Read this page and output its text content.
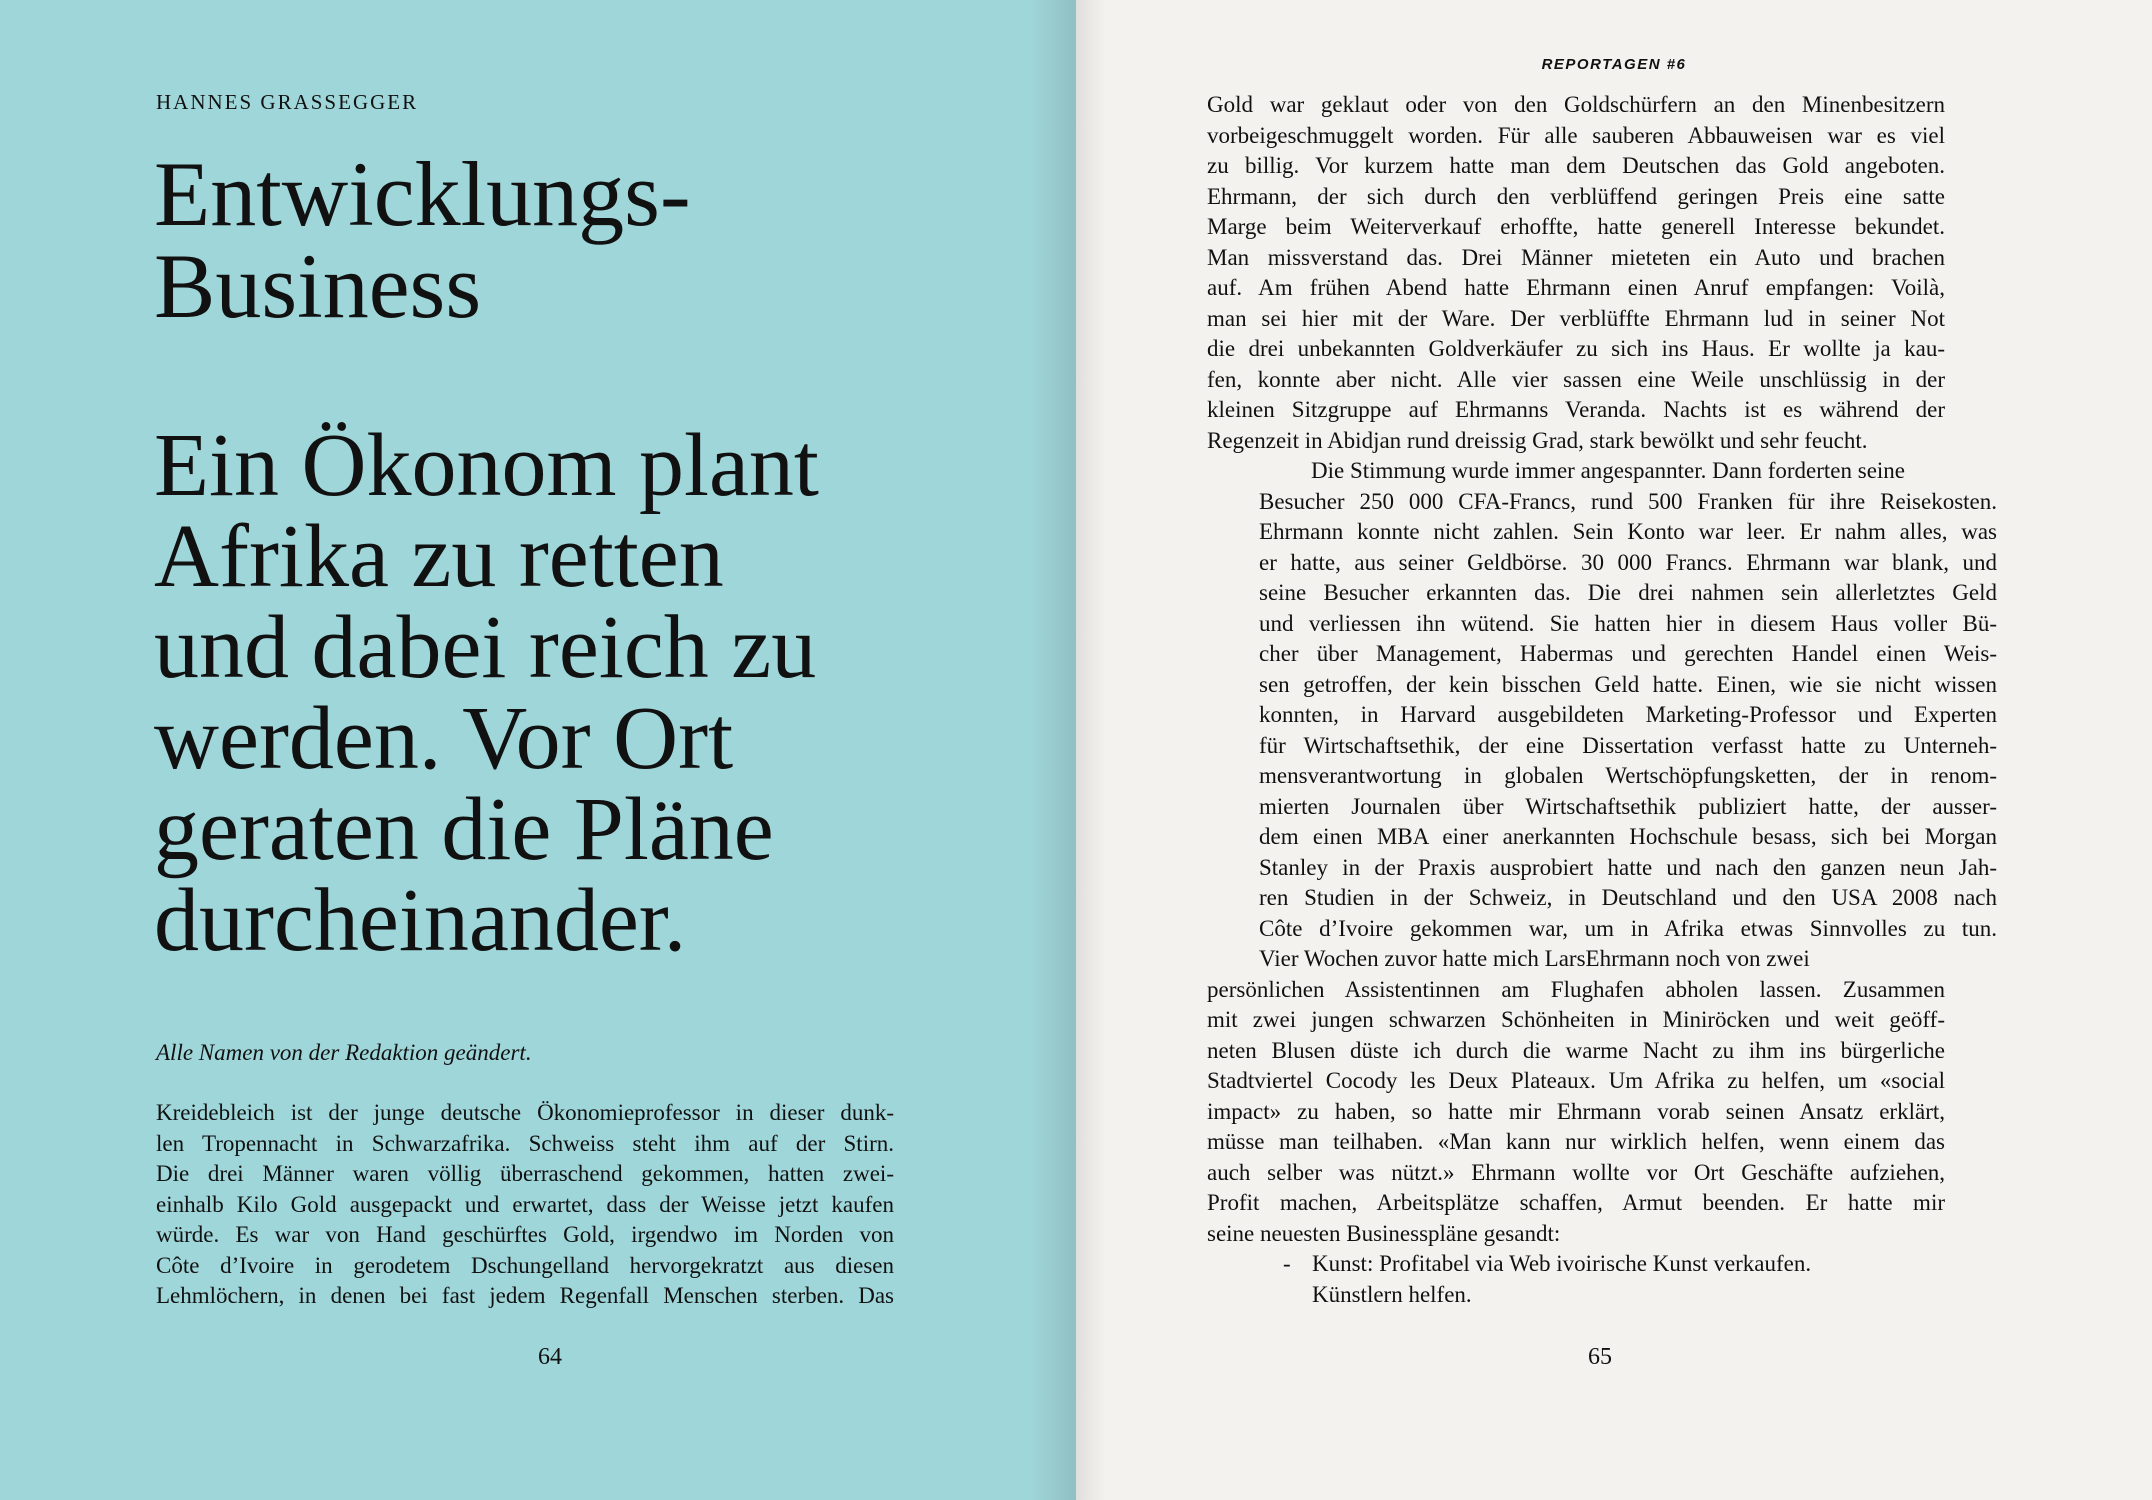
HANNES GRASSEGGER
Entwicklungs-
Business
Ein Ökonom plant
Afrika zu retten
und dabei reich zu
werden. Vor Ort
geraten die Pläne
durcheinander.
Alle Namen von der Redaktion geändert.
Kreidebleich ist der junge deutsche Ökonomieprofessor in dieser dunk-
len Tropennacht in Schwarzafrika. Schweiss steht ihm auf der Stirn.
Die drei Männer waren völlig überraschend gekommen, hatten zwei-
einhalb Kilo Gold ausgepackt und erwartet, dass der Weisse jetzt kaufen
würde. Es war von Hand geschürftes Gold, irgendwo im Norden von
Côte d’Ivoire in gerodetem Dschungelland hervorgekratzt aus diesen
Lehmlöchern, in denen bei fast jedem Regenfall Menschen sterben. Das
64
REPORTAGEN #6
Gold war geklaut oder von den Goldschürfern an den Minenbesitzern
vorbeigeschmuggelt worden. Für alle sauberen Abbauweisen war es viel
zu billig. Vor kurzem hatte man dem Deutschen das Gold angeboten.
Ehrmann, der sich durch den verblüffend geringen Preis eine satte
Marge beim Weiterverkauf erhoffte, hatte generell Interesse bekundet.
Man missverstand das. Drei Männer mieteten ein Auto und brachen
auf. Am frühen Abend hatte Ehrmann einen Anruf empfangen: Voilà,
man sei hier mit der Ware. Der verblüffte Ehrmann lud in seiner Not
die drei unbekannten Goldverkäufer zu sich ins Haus. Er wollte ja kau-
fen, konnte aber nicht. Alle vier sassen eine Weile unschlüssig in der
kleinen Sitzgruppe auf Ehrmanns Veranda. Nachts ist es während der
Regenzeit in Abidjan rund dreissig Grad, stark bewölkt und sehr feucht.
Die Stimmung wurde immer angespannter. Dann forderten seine
Besucher 250 000 CFA-Francs, rund 500 Franken für ihre Reisekosten.
Ehrmann konnte nicht zahlen. Sein Konto war leer. Er nahm alles, was
er hatte, aus seiner Geldbörse. 30 000 Francs. Ehrmann war blank, und
seine Besucher erkannten das. Die drei nahmen sein allerletztes Geld
und verliessen ihn wütend. Sie hatten hier in diesem Haus voller Bü-
cher über Management, Habermas und gerechten Handel einen Weis-
sen getroffen, der kein bisschen Geld hatte. Einen, wie sie nicht wissen
konnten, in Harvard ausgebildeten Marketing-Professor und Experten
für Wirtschaftsethik, der eine Dissertation verfasst hatte zu Unterneh-
mensverantwortung in globalen Wertschöpfungsketten, der in renom-
mierten Journalen über Wirtschaftsethik publiziert hatte, der ausser-
dem einen MBA einer anerkannten Hochschule besass, sich bei Morgan
Stanley in der Praxis ausprobiert hatte und nach den ganzen neun Jah-
ren Studien in der Schweiz, in Deutschland und den USA 2008 nach
Côte d’Ivoire gekommen war, um in Afrika etwas Sinnvolles zu tun.
Vier Wochen zuvor hatte mich LarsEhrmann noch von zwei
persönlichen Assistentinnen am Flughafen abholen lassen. Zusammen
mit zwei jungen schwarzen Schönheiten in Miniröcken und weit geöff-
neten Blusen düste ich durch die warme Nacht zu ihm ins bürgerliche
Stadtviertel Cocody les Deux Plateaux. Um Afrika zu helfen, um «social
impact» zu haben, so hatte mir Ehrmann vorab seinen Ansatz erklärt,
müsse man teilhaben. «Man kann nur wirklich helfen, wenn einem das
auch selber was nützt.» Ehrmann wollte vor Ort Geschäfte aufziehen,
Profit machen, Arbeitsplätze schaffen, Armut beenden. Er hatte mir
seine neuesten Businesspläne gesandt:
- Kunst: Profitabel via Web ivoirische Kunst verkaufen.
Künstlern helfen.
65
